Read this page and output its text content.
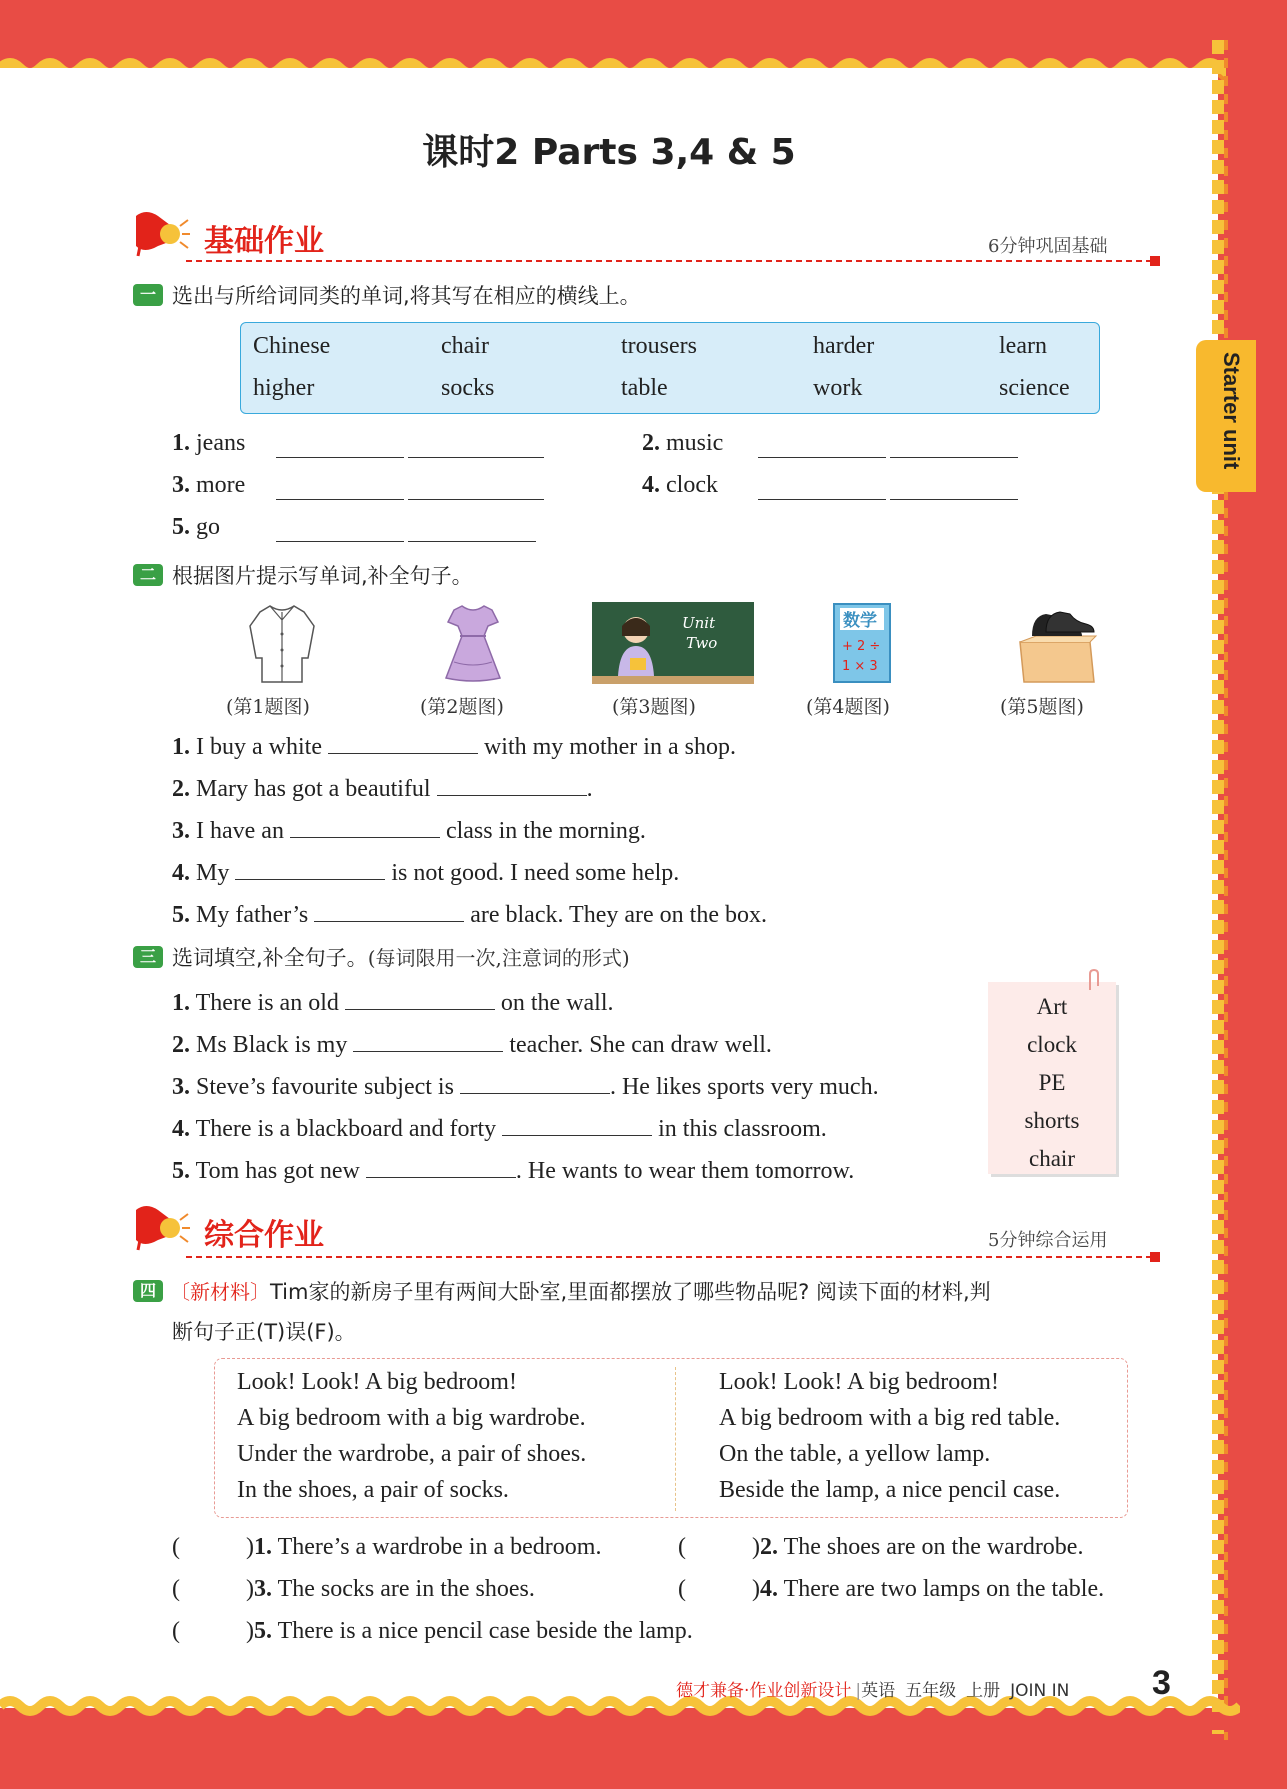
Starter unit
课时2 Parts 3,4 & 5
基础作业	6分钟巩固基础
一 选出与所给词同类的单词,将其写在相应的横线上。
Chinese	chair	trousers	harder	learn
higher	socks	table	work	science
1. jeans
	2. music

3. more
	4. clock

5. go

二 根据图片提示写单词,补全句子。
Unit
Two
数学
+ 2 ÷
1 × 3
(第1题图)	(第2题图)	(第3题图)	(第4题图)	(第5题图)
1. I buy a white	with my mother in a shop.
2. Mary has got a beautiful	.
3. I have an	class in the morning.
4. My	is not good. I need some help.
5. My father’s	are black. They are on the box.
三 选词填空,补全句子。(每词限用一次,注意词的形式)
1. There is an old	on the wall.
2. Ms Black is my	teacher. She can draw well.
3. Steve’s favourite subject is	. He likes sports very much.
4. There is a blackboard and forty	in this classroom.
5. Tom has got new	. He wants to wear them tomorrow.
Art
clock
PE
shorts
chair
综合作业	5分钟综合运用
四 〔新材料〕Tim家的新房子里有两间大卧室,里面都摆放了哪些物品呢? 阅读下面的材料,判
断句子正(T)误(F)。
Look! Look! A big bedroom!
A big bedroom with a big wardrobe.
Under the wardrobe, a pair of shoes.
In the shoes, a pair of socks.
Look! Look! A big bedroom!
A big bedroom with a big red table.
On the table, a yellow lamp.
Beside the lamp, a nice pencil case.
(	)1. There’s a wardrobe in a bedroom.	(	)2. The shoes are on the wardrobe.
(	)3. The socks are in the shoes.	(	)4. There are two lamps on the table.
(	)5. There is a nice pencil case beside the lamp.
德才兼备·作业创新设计 |英语 五年级 上册 JOIN IN 3
